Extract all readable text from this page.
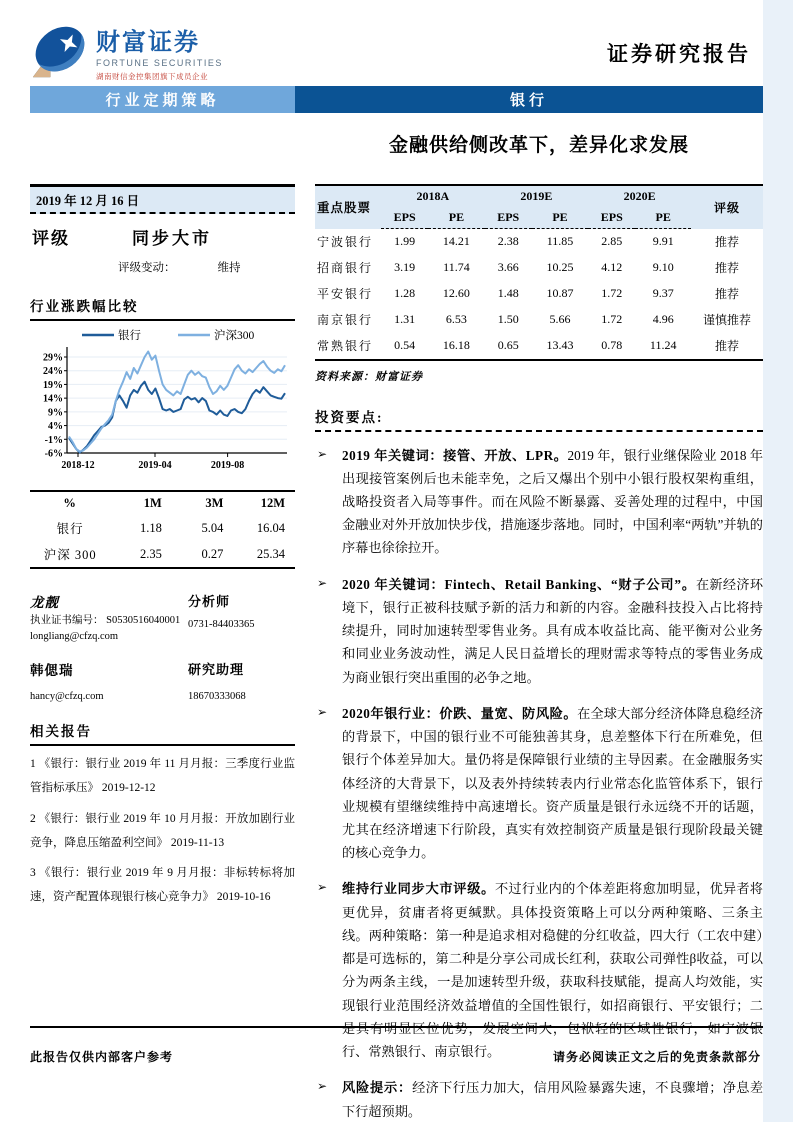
财富证券
FORTUNE SECURITIES
湖南财信金控集团旗下成员企业
证券研究报告
行业定期策略	银行
金融供给侧改革下，差异化求发展
2019 年 12 月 16 日
评级	同步大市
评级变动：	维持
行业涨跌幅比较
29%
24%
19%
14%
9%
4%
-1%
-6%
2018-12	2019-04	2019-08
银行	沪深300
%	1M	3M	12M
银行	1.18	5.04	16.04
沪深 300	2.35	0.27	25.34
龙靓	分析师
执业证书编号： S0530516040001
longliang@cfzq.com
0731-84403365
韩偲瑞	研究助理
hancy@cfzq.com	18670333068
相关报告
1 《银行：银行业 2019 年 11 月月报：三季度行业监管指标承压》 2019-12-12
2 《银行：银行业 2019 年 10 月月报：开放加剧行业竞争，降息压缩盈利空间》 2019-11-13
3 《银行：银行业 2019 年 9 月月报：非标转标将加速，资产配置体现银行核心竞争力》 2019-10-16
重点股票	2018A		2019E		2020E		评级
	EPS	PE	EPS	PE	EPS	PE	
宁波银行	1.99	14.21	2.38	11.85	2.85	9.91	推荐
招商银行	3.19	11.74	3.66	10.25	4.12	9.10	推荐
平安银行	1.28	12.60	1.48	10.87	1.72	9.37	推荐
南京银行	1.31	6.53	1.50	5.66	1.72	4.96	谨慎推荐
常熟银行	0.54	16.18	0.65	13.43	0.78	11.24	推荐
资料来源：财富证券
投资要点:
➢ 2019 年关键词：接管、开放、LPR。2019 年，银行业继保险业 2018 年出现接管案例后也未能幸免，之后又爆出个别中小银行股权架构重组，战略投资者入局等事件。而在风险不断暴露、妥善处理的过程中，中国金融业对外开放加快步伐，措施逐步落地。同时，中国利率“两轨”并轨的序幕也徐徐拉开。
➢ 2020 年关键词：Fintech、Retail Banking、“财子公司”。在新经济环境下，银行正被科技赋予新的活力和新的内容。金融科技投入占比将持续提升，同时加速转型零售业务。具有成本收益比高、能平衡对公业务和同业业务波动性，满足人民日益增长的理财需求等特点的零售业务成为商业银行突出重围的必争之地。
➢ 2020年银行业：价跌、量宽、防风险。在全球大部分经济体降息稳经济的背景下，中国的银行业不可能独善其身，息差整体下行在所难免，但银行个体差异加大。量仍将是保障银行业绩的主导因素。在金融服务实体经济的大背景下，以及表外持续转表内行业常态化监管体系下，银行业规模有望继续维持中高速增长。资产质量是银行永远绕不开的话题，尤其在经济增速下行阶段，真实有效控制资产质量是银行现阶段最关键的核心竞争力。
➢ 维持行业同步大市评级。不过行业内的个体差距将愈加明显，优异者将更优异，贫庸者将更缄默。具体投资策略上可以分两种策略、三条主线。两种策略：第一种是追求相对稳健的分红收益，四大行（工农中建）都是可选标的，第二种是分享公司成长红利，获取公司弹性β收益，可以分为两条主线，一是加速转型升级，获取科技赋能，提高人均效能，实现银行业范围经济效益增值的全国性银行，如招商银行、平安银行；二是具有明显区位优势，发展空间大，包袱轻的区域性银行，如宁波银行、常熟银行、南京银行。
➢ 风险提示：经济下行压力加大，信用风险暴露失速，不良骤增；净息差下行超预期。
此报告仅供内部客户参考	请务必阅读正文之后的免责条款部分
